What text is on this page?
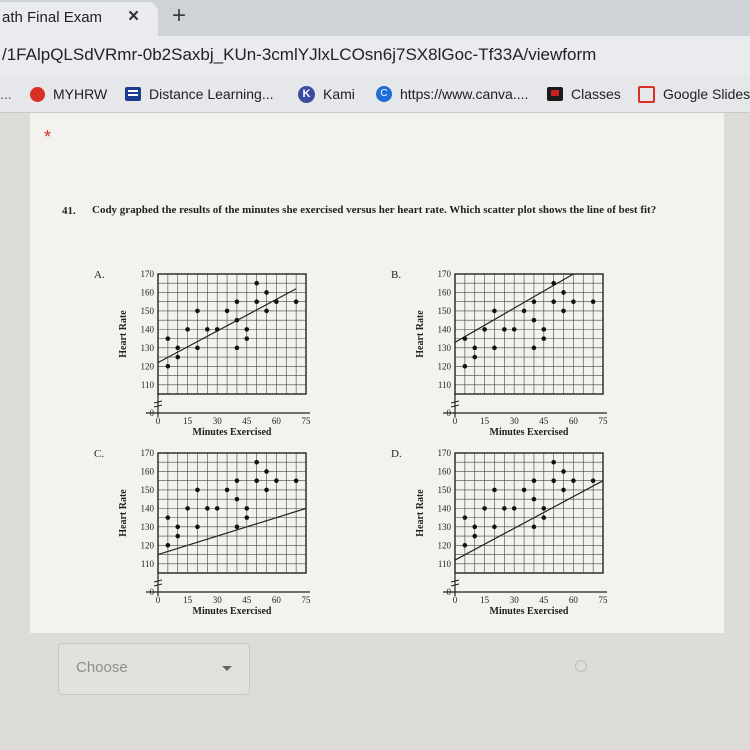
ath Final Exam × +
/1FAlpQLSdVRmr-0b2Saxbj_KUn-3cmlYJlxLCOsn6j7SX8lGoc-Tf33A/viewform
...	MYHRW	Distance Learning...	K Kami	C https://www.canva....	Classes	Google Slides
*
41. Cody graphed the results of the minutes she exercised versus her heart rate. Which scatter plot shows the line of best fit?
A.
0
110
120
130
140
150
160
170
0	15 30 45 60 75
Minutes Exercised
Heart Rate
B.
0
110
120
130
140
150
160
170
0	15 30 45 60 75
Minutes Exercised
Heart Rate
C.
0
110
120
130
140
150
160
170
0	15 30 45 60 75
Minutes Exercised
Heart Rate
D.
0
110
120
130
140
150
160
170
0	15 30 45 60 75
Minutes Exercised
Heart Rate
Choose
